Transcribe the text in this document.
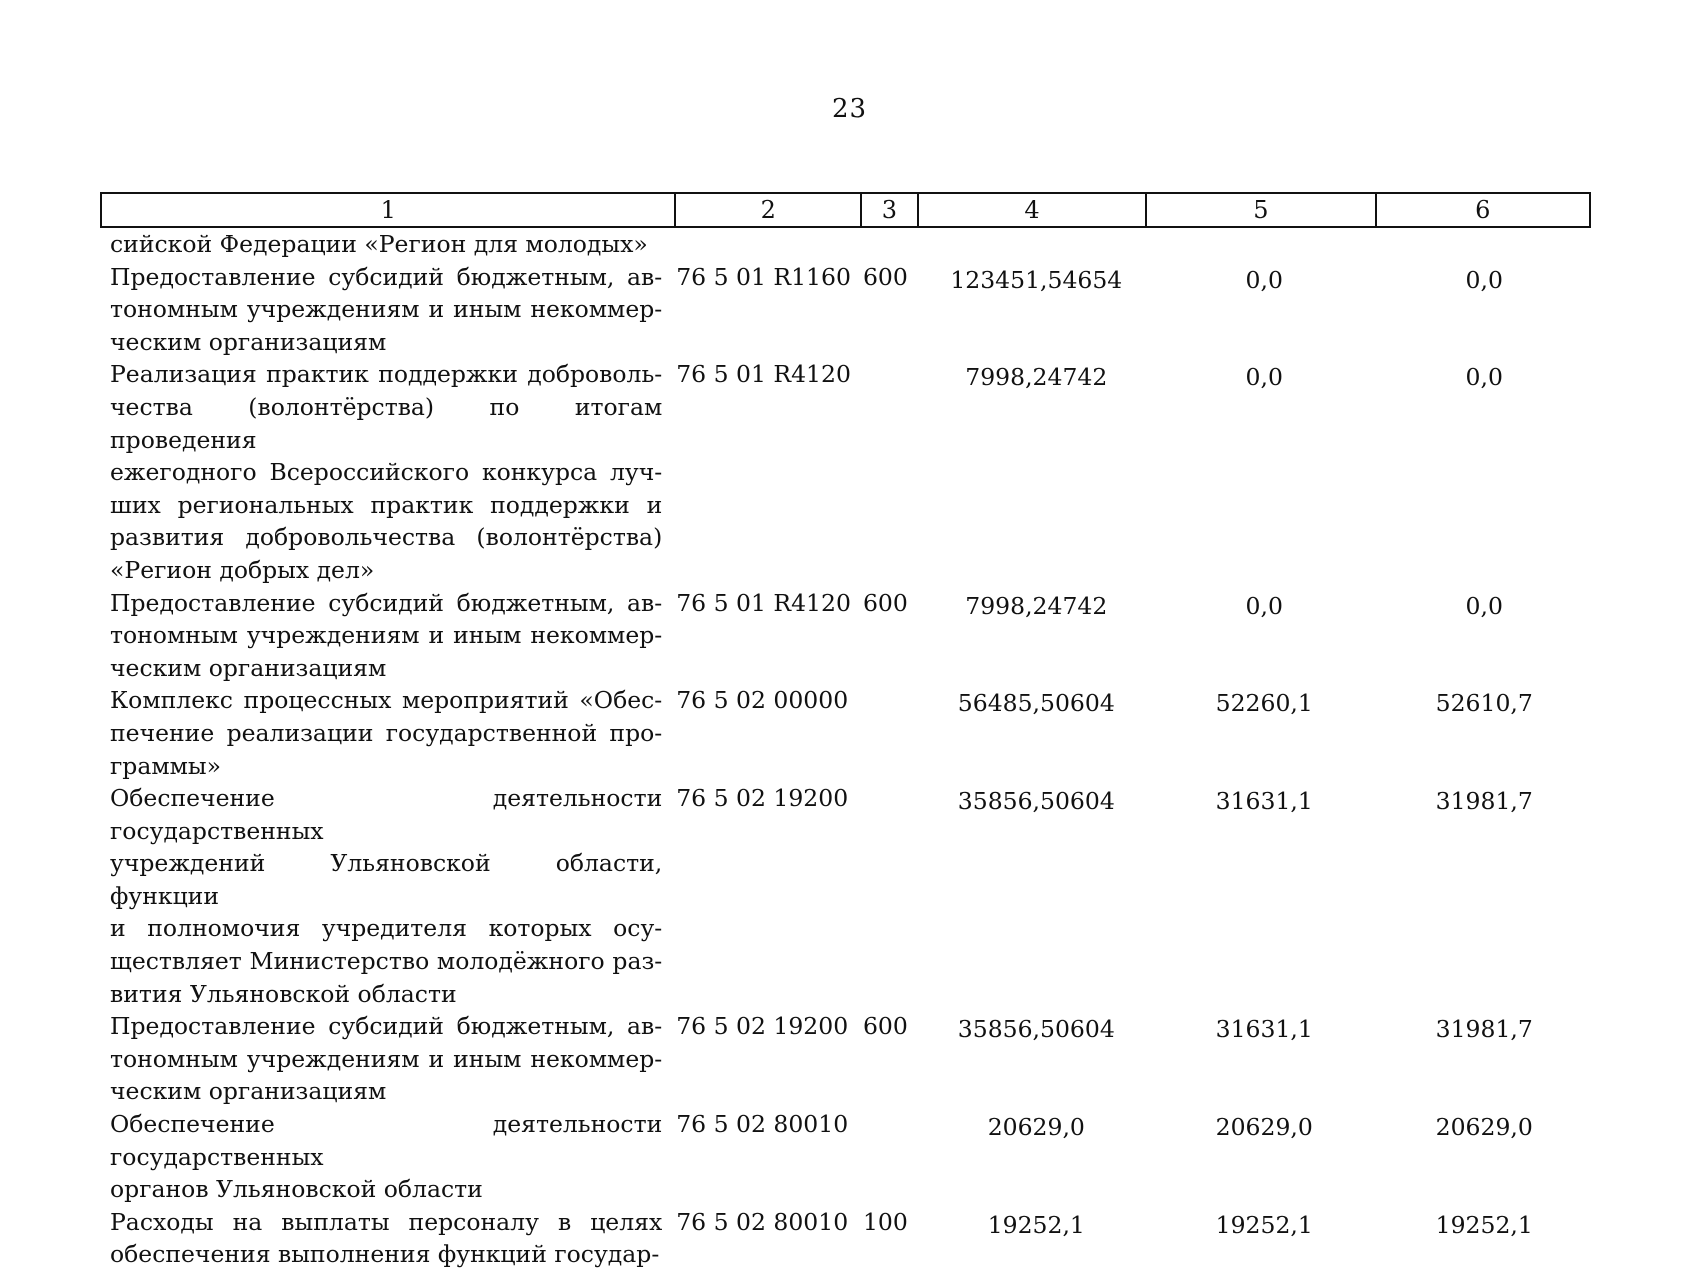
23
1	2	3	4	5	6
сийской Федерации «Регион для молодых»
Предоставление субсидий бюджетным, ав-
тономным учреждениям и иным некоммер-
ческим организациям
76 5 01 R1160 600	123451,54654	0,0	0,0
Реализация практик поддержки доброволь-
чества (волонтёрства) по итогам проведения
ежегодного Всероссийского конкурса луч-
ших региональных практик поддержки и
развития добровольчества (волонтёрства)
«Регион добрых дел»
76 5 01 R4120	7998,24742	0,0	0,0
Предоставление субсидий бюджетным, ав-
тономным учреждениям и иным некоммер-
ческим организациям
76 5 01 R4120 600	7998,24742	0,0	0,0
Комплекс процессных мероприятий «Обес-
печение реализации государственной про-
граммы»
76 5 02 00000	56485,50604	52260,1	52610,7
Обеспечение деятельности государственных
учреждений Ульяновской области, функции
и полномочия учредителя которых осу-
ществляет Министерство молодёжного раз-
вития Ульяновской области
76 5 02 19200	35856,50604	31631,1	31981,7
Предоставление субсидий бюджетным, ав-
тономным учреждениям и иным некоммер-
ческим организациям
76 5 02 19200 600	35856,50604	31631,1	31981,7
Обеспечение деятельности государственных
органов Ульяновской области
76 5 02 80010	20629,0	20629,0	20629,0
Расходы на выплаты персоналу в целях
обеспечения выполнения функций государ-
76 5 02 80010 100	19252,1	19252,1	19252,1
